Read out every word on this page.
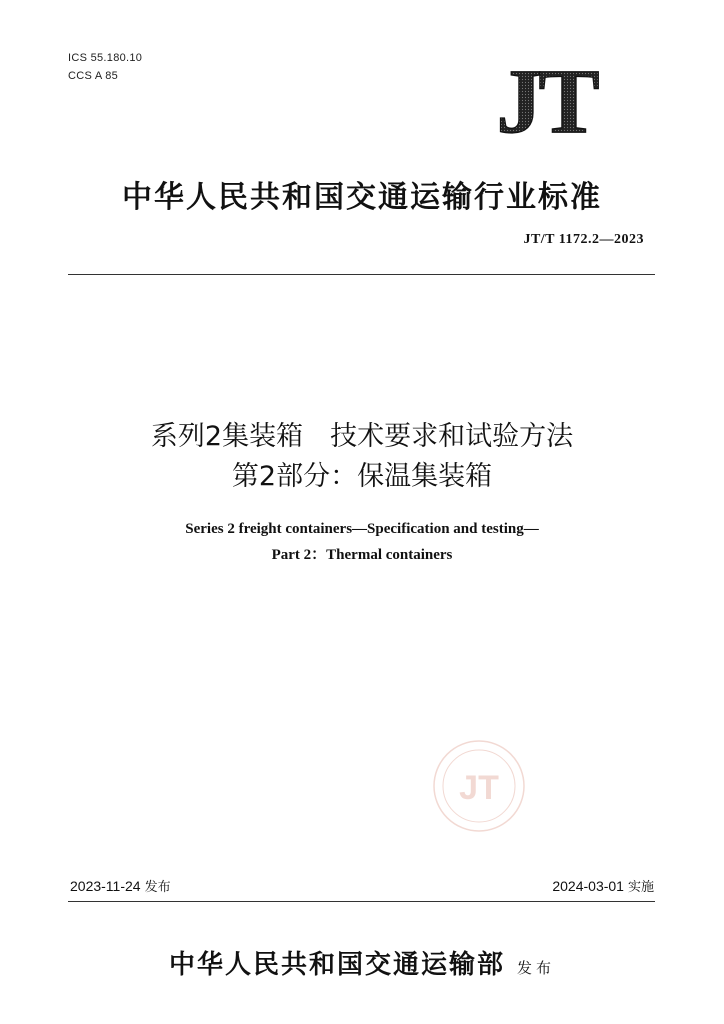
ICS 55.180.10
CCS A 85	JT
中华人民共和国交通运输行业标准
JT/T 1172.2—2023
系列2集装箱　技术要求和试验方法
第2部分：保温集装箱
Series 2 freight containers—Specification and testing—
Part 2：Thermal containers
JT
2023-11-24 发布	2024-03-01 实施
中华人民共和国交通运输部 发布
